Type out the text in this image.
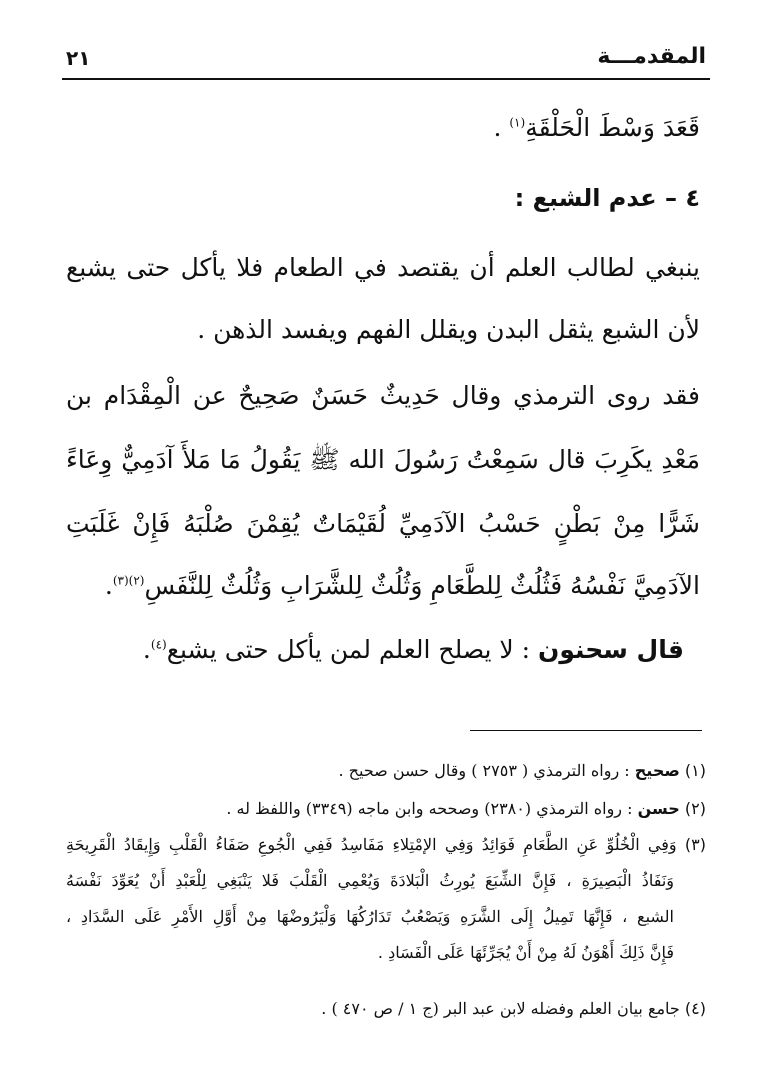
المقدمـــة
٢١
قَعَدَ وَسْطَ الْحَلْقَةِ$^{(١)}$ .
٤ – عدم الشبع :
ينبغي لطالب العلم أن يقتصد في الطعام فلا يأكل حتى يشبع
لأن الشبع يثقل البدن ويقلل الفهم ويفسد الذهن .
فقد روى الترمذي وقال حَدِيثٌ حَسَنٌ صَحِيحٌ عن الْمِقْدَام بن
مَعْدِ يكَرِبَ قال سَمِعْتُ رَسُولَ الله ﷺ يَقُولُ مَا مَلأَ آدَمِيٌّ وِعَاءً
شَرًّا مِنْ بَطْنٍ حَسْبُ الآدَمِيِّ لُقَيْمَاتٌ يُقِمْنَ صُلْبَهُ فَإِنْ غَلَبَتِ
الآدَمِيَّ نَفْسُهُ فَثُلُثٌ لِلطَّعَامِ وَثُلُثٌ لِلشَّرَابِ وَثُلُثٌ لِلنَّفَسِ$^{(٢)(٣)}$.
قال سحنون : لا يصلح العلم لمن يأكل حتى يشبع$^{(٤)}$.
(١) صحيح : رواه الترمذي ( ٢٧٥٣ ) وقال حسن صحيح .
(٢) حسن : رواه الترمذي (٢٣٨٠) وصححه وابن ماجه (٣٣٤٩) واللفظ له .
(٣) وَفِي الْخُلُوِّ عَنِ الطَّعَامِ فَوَائِدُ وَفِي الإمْتِلاءِ مَفَاسِدُ فَفِي الْجُوعِ صَفَاءُ الْقَلْبِ وَإِيقَادُ الْقَرِيحَةِ
وَنَفَاذُ الْبَصِيرَةِ ، فَإِنَّ الشِّبَعَ يُورِثُ الْبَلادَةَ وَيُعْمِي الْقَلْبَ فَلا يَنْبَغِي لِلْعَبْدِ أَنْ يُعَوِّدَ نَفْسَهُ
الشبع ، فَإِنَّهَا تَمِيلُ إِلَى الشَّرَهِ وَيَصْعُبُ تَدَارُكُهَا وَلْيَرُوضْهَا مِنْ أَوَّلِ الأَمْرِ عَلَى السَّدَادِ ،
فَإِنَّ ذَلِكَ أَهْوَنُ لَهُ مِنْ أَنْ يُجَرِّئَهَا عَلَى الْفَسَادِ .
(٤) جامع بيان العلم وفضله لابن عبد البر (ج ١ / ص ٤٧٠ ) .
